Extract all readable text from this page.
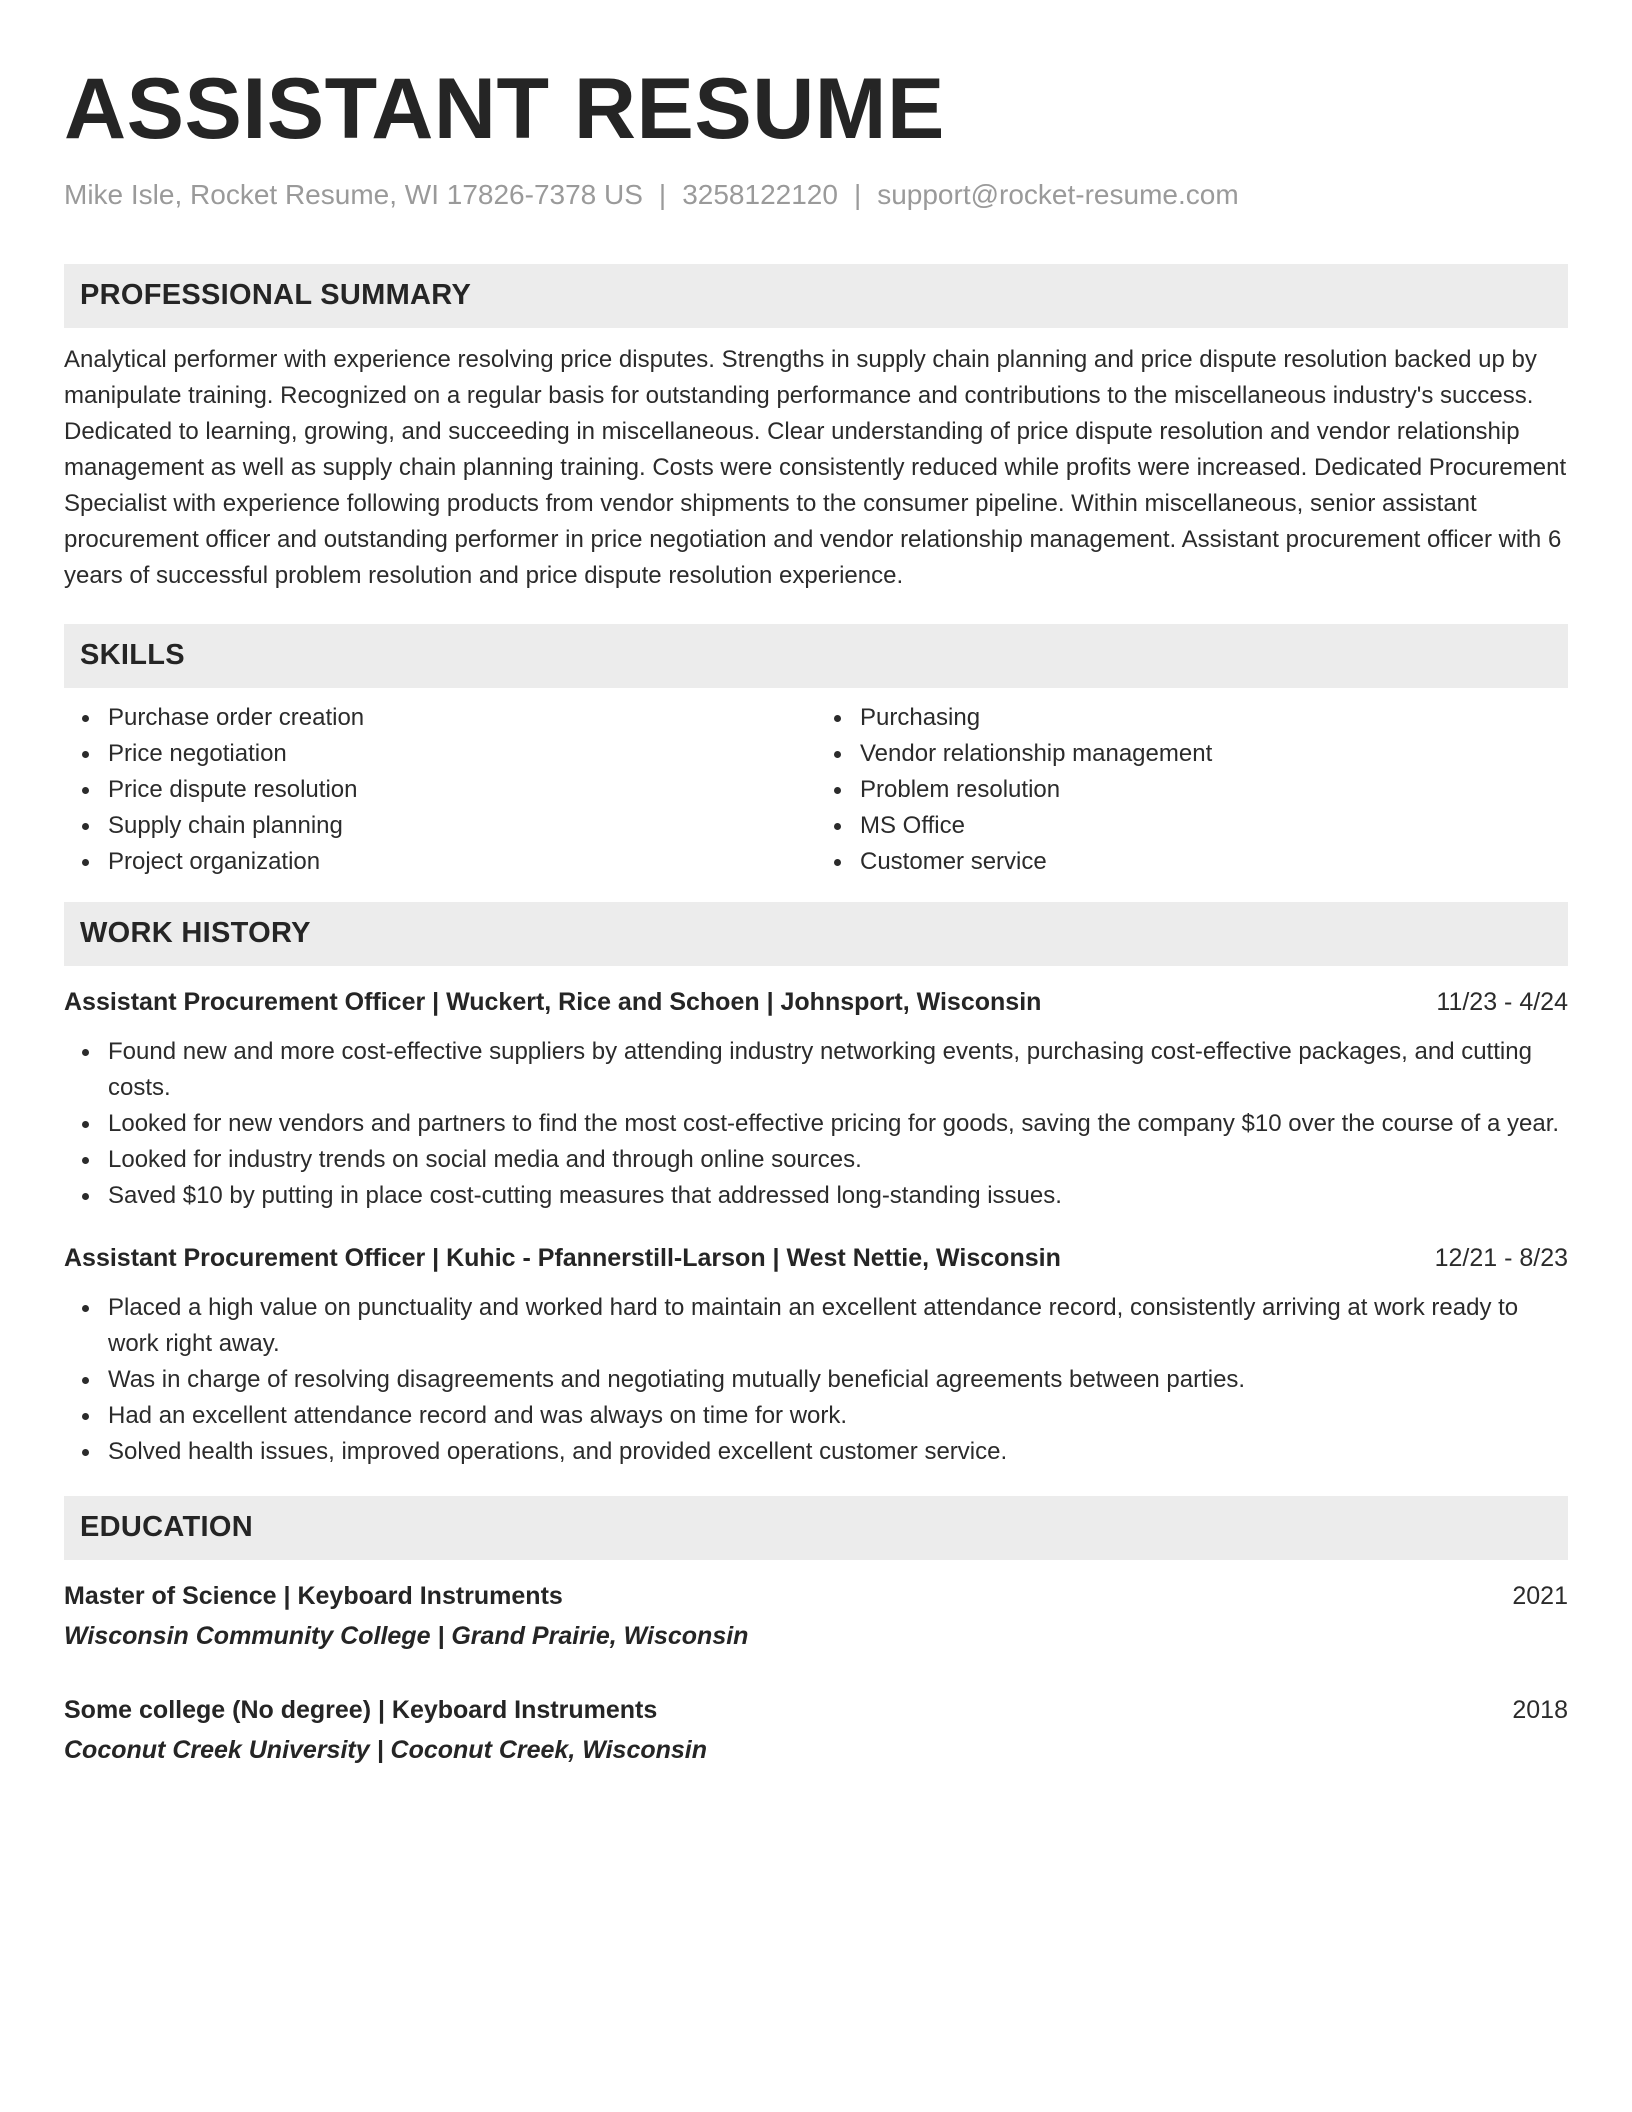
ASSISTANT RESUME
Mike Isle, Rocket Resume, WI 17826-7378 US | 3258122120 | support@rocket-resume.com
PROFESSIONAL SUMMARY
Analytical performer with experience resolving price disputes. Strengths in supply chain planning and price dispute resolution backed up by manipulate training. Recognized on a regular basis for outstanding performance and contributions to the miscellaneous industry's success. Dedicated to learning, growing, and succeeding in miscellaneous. Clear understanding of price dispute resolution and vendor relationship management as well as supply chain planning training. Costs were consistently reduced while profits were increased. Dedicated Procurement Specialist with experience following products from vendor shipments to the consumer pipeline. Within miscellaneous, senior assistant procurement officer and outstanding performer in price negotiation and vendor relationship management. Assistant procurement officer with 6 years of successful problem resolution and price dispute resolution experience.
SKILLS
Purchase order creation
Price negotiation
Price dispute resolution
Supply chain planning
Project organization
Purchasing
Vendor relationship management
Problem resolution
MS Office
Customer service
WORK HISTORY
Assistant Procurement Officer | Wuckert, Rice and Schoen | Johnsport, Wisconsin	11/23 - 4/24
Found new and more cost-effective suppliers by attending industry networking events, purchasing cost-effective packages, and cutting costs.
Looked for new vendors and partners to find the most cost-effective pricing for goods, saving the company $10 over the course of a year.
Looked for industry trends on social media and through online sources.
Saved $10 by putting in place cost-cutting measures that addressed long-standing issues.
Assistant Procurement Officer | Kuhic - Pfannerstill-Larson | West Nettie, Wisconsin	12/21 - 8/23
Placed a high value on punctuality and worked hard to maintain an excellent attendance record, consistently arriving at work ready to work right away.
Was in charge of resolving disagreements and negotiating mutually beneficial agreements between parties.
Had an excellent attendance record and was always on time for work.
Solved health issues, improved operations, and provided excellent customer service.
EDUCATION
Master of Science | Keyboard Instruments	2021
Wisconsin Community College | Grand Prairie, Wisconsin
Some college (No degree) | Keyboard Instruments	2018
Coconut Creek University | Coconut Creek, Wisconsin
